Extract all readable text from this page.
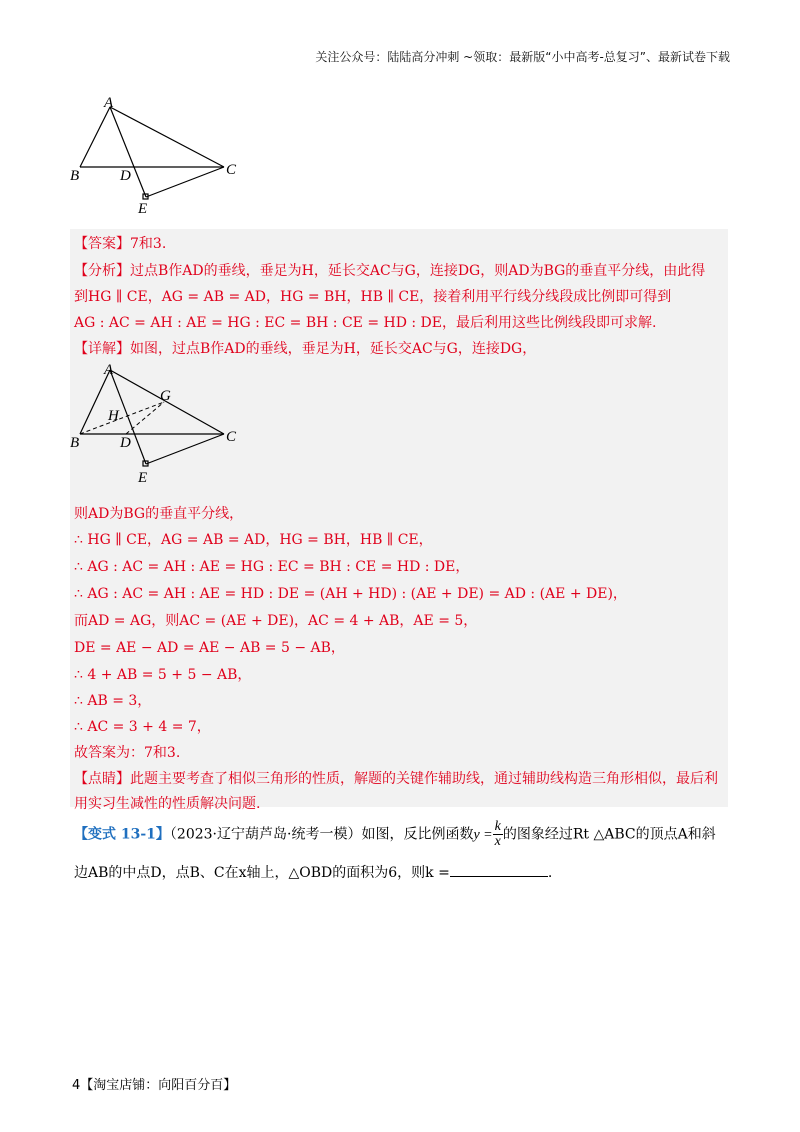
关注公众号：陆陆高分冲刺 ~领取：最新版“小中高考-总复习”、最新试卷下载
A
B	D	C
E
【答案】7和3.
【分析】过点B作AD的垂线，垂足为H，延长交AC与G，连接DG，则AD为BG的垂直平分线，由此得
到HG ∥ CE，AG = AB = AD，HG = BH，HB ∥ CE，接着利用平行线分线段成比例即可得到
AG : AC = AH : AE = HG : EC = BH : CE = HD : DE，最后利用这些比例线段即可求解.
【详解】如图，过点B作AD的垂线，垂足为H，延长交AC与G，连接DG，
A
G
H
B	D	C
E
则AD为BG的垂直平分线，
∴ HG ∥ CE，AG = AB = AD，HG = BH，HB ∥ CE，
∴ AG : AC = AH : AE = HG : EC = BH : CE = HD : DE，
∴ AG : AC = AH : AE = HD : DE = (AH + HD) : (AE + DE) = AD : (AE + DE)，
而AD = AG，则AC = (AE + DE)，AC = 4 + AB，AE = 5，
DE = AE − AD = AE − AB = 5 − AB，
∴ 4 + AB = 5 + 5 − AB，
∴ AB = 3，
∴ AC = 3 + 4 = 7，
故答案为：7和3.
【点睛】此题主要考查了相似三角形的性质，解题的关键作辅助线，通过辅助线构造三角形相似，最后利
用实习生减性的性质解决问题.
【变式 13-1】（2023·辽宁葫芦岛·统考一模）如图，反比例函数$y = \frac{k}{x}$ 的图象经过Rt △ABC的顶点A和斜
边AB的中点D，点B、C在x轴上，△OBD的面积为6，则k =	.
4【淘宝店铺：向阳百分百】
